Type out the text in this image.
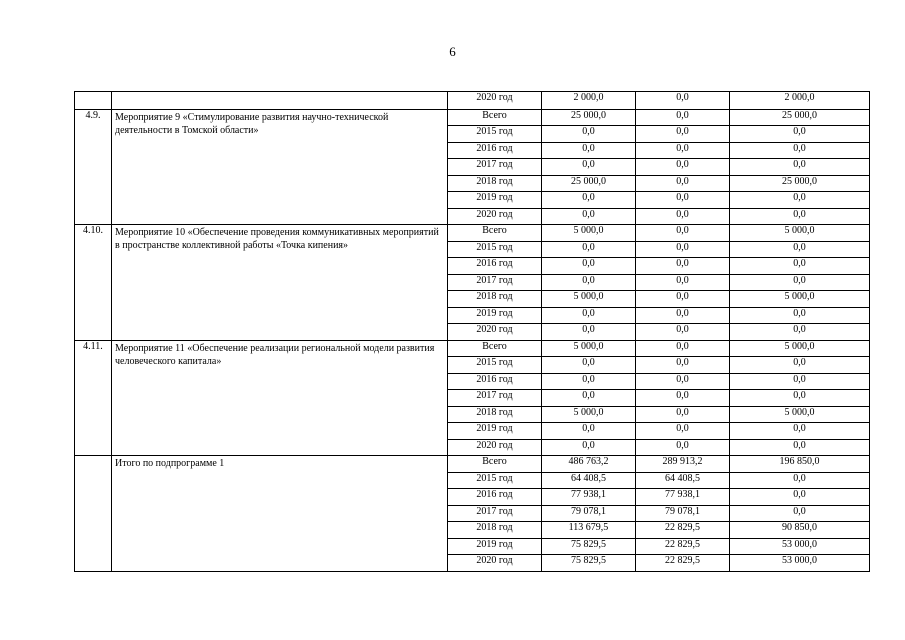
6
		2020 год	2 000,0	0,0	2 000,0
4.9.	Мероприятие 9 «Стимулирование развития научно-технической деятельности в Томской области»	Всего	25 000,0	0,0	25 000,0
		2015 год	0,0	0,0	0,0
		2016 год	0,0	0,0	0,0
		2017 год	0,0	0,0	0,0
		2018 год	25 000,0	0,0	25 000,0
		2019 год	0,0	0,0	0,0
		2020 год	0,0	0,0	0,0
4.10.	Мероприятие 10 «Обеспечение проведения коммуникативных мероприятий в пространстве коллективной работы «Точка кипения»	Всего	5 000,0	0,0	5 000,0
		2015 год	0,0	0,0	0,0
		2016 год	0,0	0,0	0,0
		2017 год	0,0	0,0	0,0
		2018 год	5 000,0	0,0	5 000,0
		2019 год	0,0	0,0	0,0
		2020 год	0,0	0,0	0,0
4.11.	Мероприятие 11 «Обеспечение реализации региональной модели развития человеческого капитала»	Всего	5 000,0	0,0	5 000,0
		2015 год	0,0	0,0	0,0
		2016 год	0,0	0,0	0,0
		2017 год	0,0	0,0	0,0
		2018 год	5 000,0	0,0	5 000,0
		2019 год	0,0	0,0	0,0
		2020 год	0,0	0,0	0,0
	Итого по подпрограмме 1	Всего	486 763,2	289 913,2	196 850,0
		2015 год	64 408,5	64 408,5	0,0
		2016 год	77 938,1	77 938,1	0,0
		2017 год	79 078,1	79 078,1	0,0
		2018 год	113 679,5	22 829,5	90 850,0
		2019 год	75 829,5	22 829,5	53 000,0
		2020 год	75 829,5	22 829,5	53 000,0
